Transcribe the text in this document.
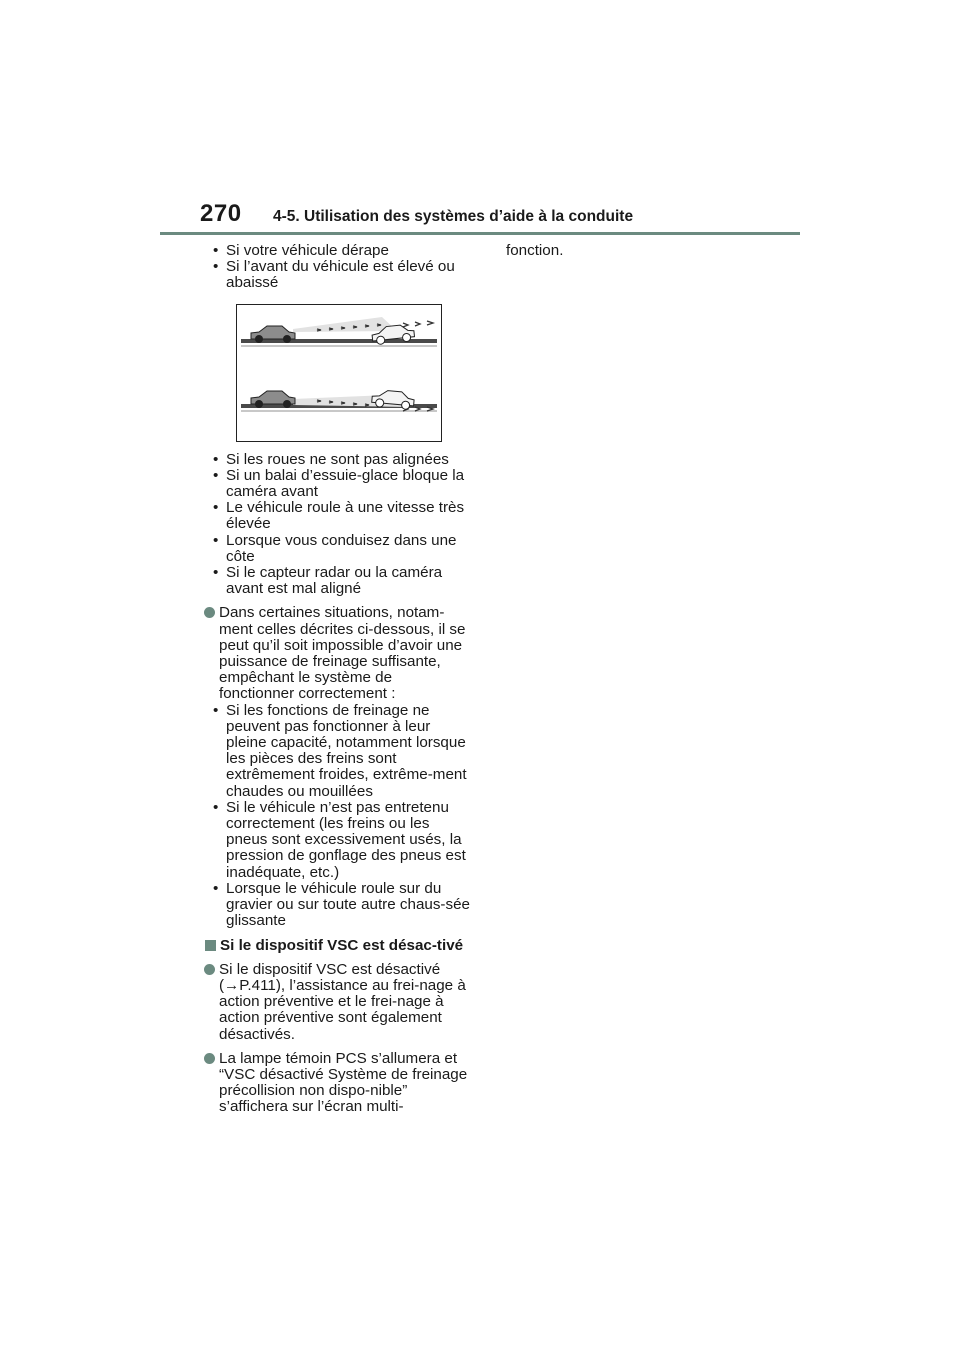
270 4-5. Utilisation des systèmes d’aide à la conduite

• Si votre véhicule dérape

• Si l’avant du véhicule est élevé ou abaissé

• Si les roues ne sont pas alignées

• Si un balai d’essuie-glace bloque la caméra avant

• Le véhicule roule à une vitesse très élevée

• Lorsque vous conduisez dans une côte

• Si le capteur radar ou la caméra avant est mal aligné

Dans certaines situations, notam-ment celles décrites ci-dessous, il se peut qu’il soit impossible d’avoir une puissance de freinage suffisante, empêchant le système de fonctionner correctement :

• Si les fonctions de freinage ne peuvent pas fonctionner à leur pleine capacité, notamment lorsque les pièces des freins sont extrêmement froides, extrême-ment chaudes ou mouillées

• Si le véhicule n’est pas entretenu correctement (les freins ou les pneus sont excessivement usés, la pression de gonflage des pneus est inadéquate, etc.)

• Lorsque le véhicule roule sur du gravier ou sur toute autre chaus-sée glissante

Si le dispositif VSC est désac-tivé
Si le dispositif VSC est désactivé (→P.411), l’assistance au frei-nage à action préventive et le frei-nage à action préventive sont également désactivés.
La lampe témoin PCS s’allumera et “VSC désactivé Système de freinage précollision non dispo-nible” s’affichera sur l’écran multi-
fonction.
